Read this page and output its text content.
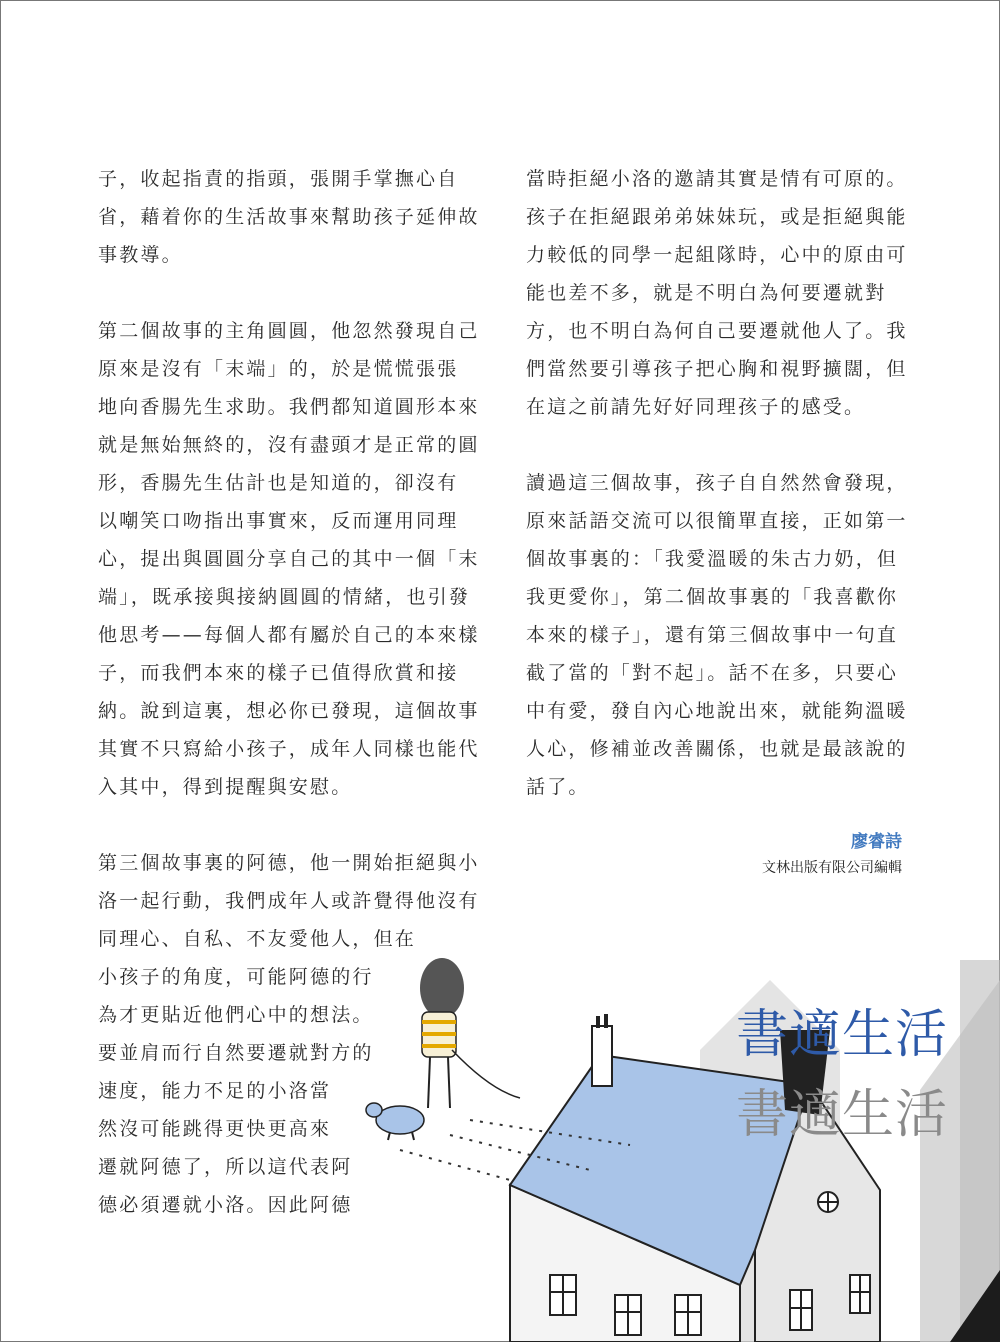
子，收起指責的指頭，張開手掌撫心自
省，藉着你的生活故事來幫助孩子延伸故
事教導。

第二個故事的主角圓圓，他忽然發現自己
原來是沒有「末端」的，於是慌慌張張
地向香腸先生求助。我們都知道圓形本來
就是無始無終的，沒有盡頭才是正常的圓
形，香腸先生估計也是知道的，卻沒有
以嘲笑口吻指出事實來，反而運用同理
心，提出與圓圓分享自己的其中一個「末
端」，既承接與接納圓圓的情緒，也引發
他思考——每個人都有屬於自己的本來樣
子，而我們本來的樣子已值得欣賞和接
納。說到這裏，想必你已發現，這個故事
其實不只寫給小孩子，成年人同樣也能代
入其中，得到提醒與安慰。

第三個故事裏的阿德，他一開始拒絕與小
洛一起行動，我們成年人或許覺得他沒有
同理心、自私、不友愛他人，但在
小孩子的角度，可能阿德的行
為才更貼近他們心中的想法。
要並肩而行自然要遷就對方的
速度，能力不足的小洛當
然沒可能跳得更快更高來
遷就阿德了，所以這代表阿
德必須遷就小洛。因此阿德

當時拒絕小洛的邀請其實是情有可原的。
孩子在拒絕跟弟弟妹妹玩，或是拒絕與能
力較低的同學一起組隊時，心中的原由可
能也差不多，就是不明白為何要遷就對
方，也不明白為何自己要遷就他人了。我
們當然要引導孩子把心胸和視野擴闊，但
在這之前請先好好同理孩子的感受。

讀過這三個故事，孩子自自然然會發現，
原來話語交流可以很簡單直接，正如第一
個故事裏的：「我愛溫暖的朱古力奶，但
我更愛你」，第二個故事裏的「我喜歡你
本來的樣子」，還有第三個故事中一句直
截了當的「對不起」。話不在多，只要心
中有愛，發自內心地說出來，就能夠溫暖
人心，修補並改善關係，也就是最該說的
話了。

廖睿詩
文林出版有限公司編輯
書適生活
書適生活
